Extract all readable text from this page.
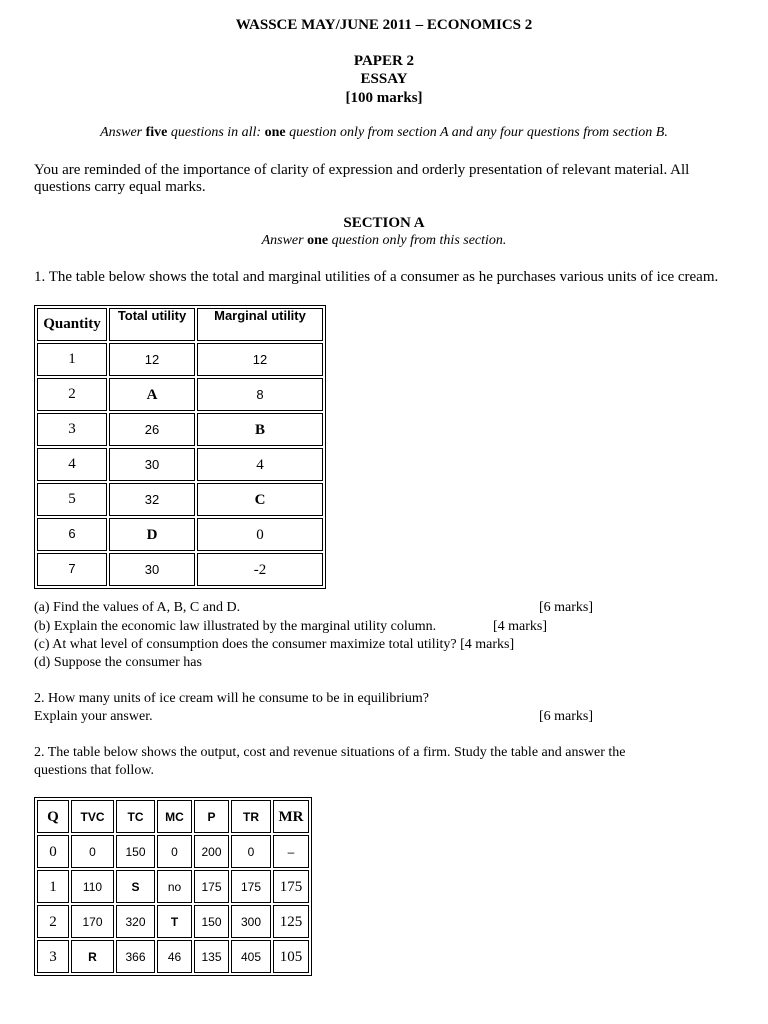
WASSCE MAY/JUNE 2011 – ECONOMICS 2
PAPER 2
ESSAY
[100 marks]
Answer five questions in all: one question only from section A and any four questions from section B.
You are reminded of the importance of clarity of expression and orderly presentation of relevant material. All
questions carry equal marks.
SECTION A
Answer one question only from this section.
1. The table below shows the total and marginal utilities of a consumer as he purchases various units of ice cream.
Quantity	Total utility	Marginal utility
1	12	12
2	A	8
3	26	B
4	30	4
5	32	C
6	D	0
7	30	-2
(a) Find the values of A, B, C and D.	[6 marks]
(b) Explain the economic law illustrated by the marginal utility column.	[4 marks]
(c) At what level of consumption does the consumer maximize total utility? [4 marks]
(d) Suppose the consumer has
2. How many units of ice cream will he consume to be in equilibrium?
Explain your answer.	[6 marks]
2. The table below shows the output, cost and revenue situations of a firm. Study the table and answer the
questions that follow.
Q	TVC	TC	MC	P	TR	MR
0	0	150	0	200	0	–
1	110	S	no	175	175	175
2	170	320	T	150	300	125
3	R	366	46	135	405	105
